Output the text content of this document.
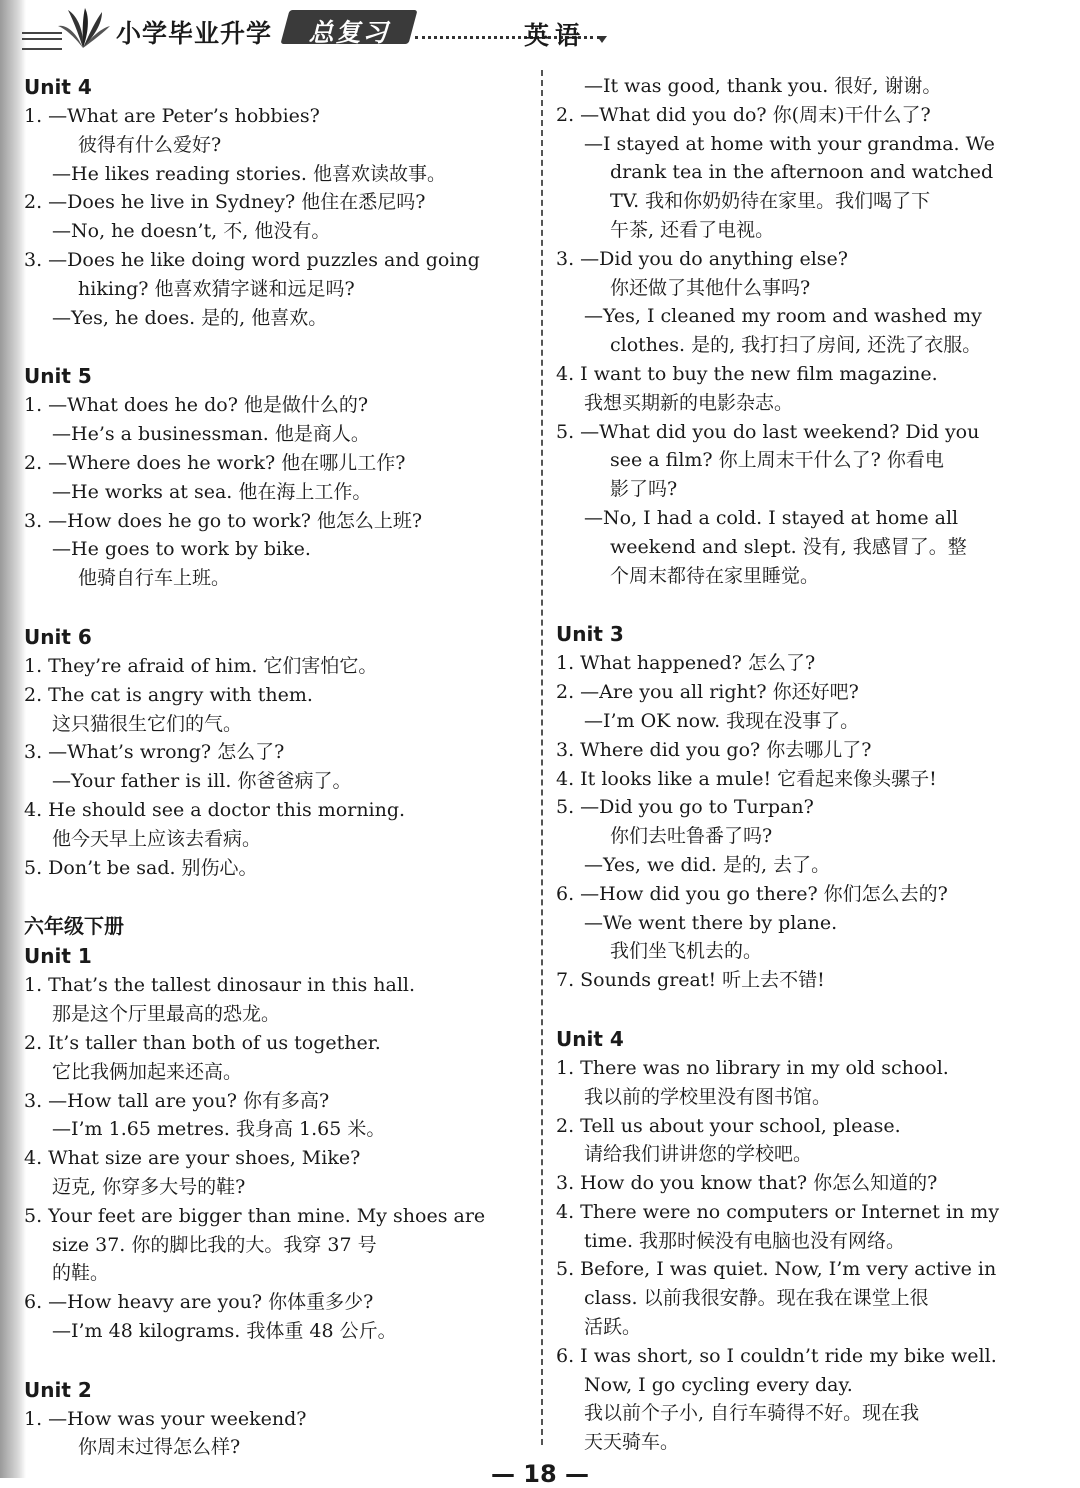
小学毕业升学	总复习	英语
Unit 4
1. —What are Peter’s hobbies?
彼得有什么爱好?
—He likes reading stories. 他喜欢读故事。
2. —Does he live in Sydney? 他住在悉尼吗?
—No, he doesn’t, 不, 他没有。
3. —Does he like doing word puzzles and going
hiking? 他喜欢猜字谜和远足吗?
—Yes, he does. 是的, 他喜欢。
Unit 5
1. —What does he do? 他是做什么的?
—He’s a businessman. 他是商人。
2. —Where does he work? 他在哪儿工作?
—He works at sea. 他在海上工作。
3. —How does he go to work? 他怎么上班?
—He goes to work by bike.
他骑自行车上班。
Unit 6
1. They’re afraid of him. 它们害怕它。
2. The cat is angry with them.
这只猫很生它们的气。
3. —What’s wrong? 怎么了?
—Your father is ill. 你爸爸病了。
4. He should see a doctor this morning.
他今天早上应该去看病。
5. Don’t be sad. 别伤心。
六年级下册
Unit 1
1. That’s the tallest dinosaur in this hall.
那是这个厅里最高的恐龙。
2. It’s taller than both of us together.
它比我俩加起来还高。
3. —How tall are you? 你有多高?
—I’m 1.65 metres. 我身高 1.65 米。
4. What size are your shoes, Mike?
迈克, 你穿多大号的鞋?
5. Your feet are bigger than mine. My shoes are
size 37. 你的脚比我的大。我穿 37 号
的鞋。
6. —How heavy are you? 你体重多少?
—I’m 48 kilograms. 我体重 48 公斤。
Unit 2
1. —How was your weekend?
你周末过得怎么样?
—It was good, thank you. 很好, 谢谢。
2. —What did you do? 你(周末)干什么了?
—I stayed at home with your grandma. We
drank tea in the afternoon and watched
TV. 我和你奶奶待在家里。我们喝了下
午茶, 还看了电视。
3. —Did you do anything else?
你还做了其他什么事吗?
—Yes, I cleaned my room and washed my
clothes. 是的, 我打扫了房间, 还洗了衣服。
4. I want to buy the new film magazine.
我想买期新的电影杂志。
5. —What did you do last weekend? Did you
see a film? 你上周末干什么了? 你看电
影了吗?
—No, I had a cold. I stayed at home all
weekend and slept. 没有, 我感冒了。整
个周末都待在家里睡觉。
Unit 3
1. What happened? 怎么了?
2. —Are you all right? 你还好吧?
—I’m OK now. 我现在没事了。
3. Where did you go? 你去哪儿了?
4. It looks like a mule! 它看起来像头骡子!
5. —Did you go to Turpan?
你们去吐鲁番了吗?
—Yes, we did. 是的, 去了。
6. —How did you go there? 你们怎么去的?
—We went there by plane.
我们坐飞机去的。
7. Sounds great! 听上去不错!
Unit 4
1. There was no library in my old school.
我以前的学校里没有图书馆。
2. Tell us about your school, please.
请给我们讲讲您的学校吧。
3. How do you know that? 你怎么知道的?
4. There were no computers or Internet in my
time. 我那时候没有电脑也没有网络。
5. Before, I was quiet. Now, I’m very active in
class. 以前我很安静。现在我在课堂上很
活跃。
6. I was short, so I couldn’t ride my bike well.
Now, I go cycling every day.
我以前个子小, 自行车骑得不好。现在我
天天骑车。
— 18 —
